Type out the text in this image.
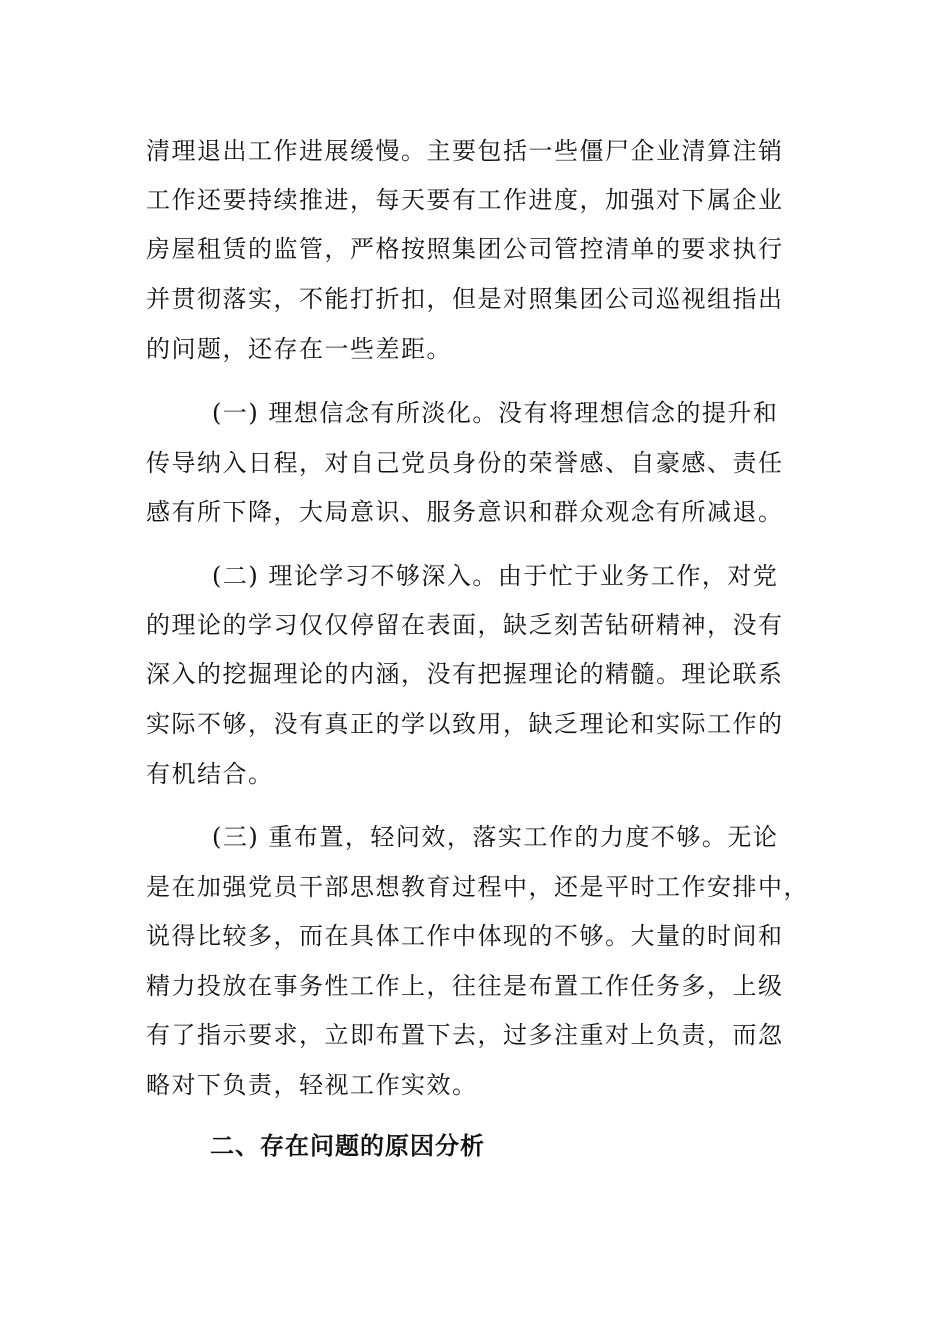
清理退出工作进展缓慢。主要包括一些僵尸企业清算注销
工作还要持续推进，每天要有工作进度，加强对下属企业
房屋租赁的监管，严格按照集团公司管控清单的要求执行
并贯彻落实，不能打折扣，但是对照集团公司巡视组指出
的问题，还存在一些差距。
(一) 理想信念有所淡化。没有将理想信念的提升和
传导纳入日程，对自己党员身份的荣誉感、自豪感、责任
感有所下降，大局意识、服务意识和群众观念有所减退。
(二) 理论学习不够深入。由于忙于业务工作，对党
的理论的学习仅仅停留在表面，缺乏刻苦钻研精神，没有
深入的挖掘理论的内涵，没有把握理论的精髓。理论联系
实际不够，没有真正的学以致用，缺乏理论和实际工作的
有机结合。
(三) 重布置，轻问效，落实工作的力度不够。无论
是在加强党员干部思想教育过程中，还是平时工作安排中，
说得比较多，而在具体工作中体现的不够。大量的时间和
精力投放在事务性工作上，往往是布置工作任务多，上级
有了指示要求，立即布置下去，过多注重对上负责，而忽
略对下负责，轻视工作实效。
二、存在问题的原因分析
